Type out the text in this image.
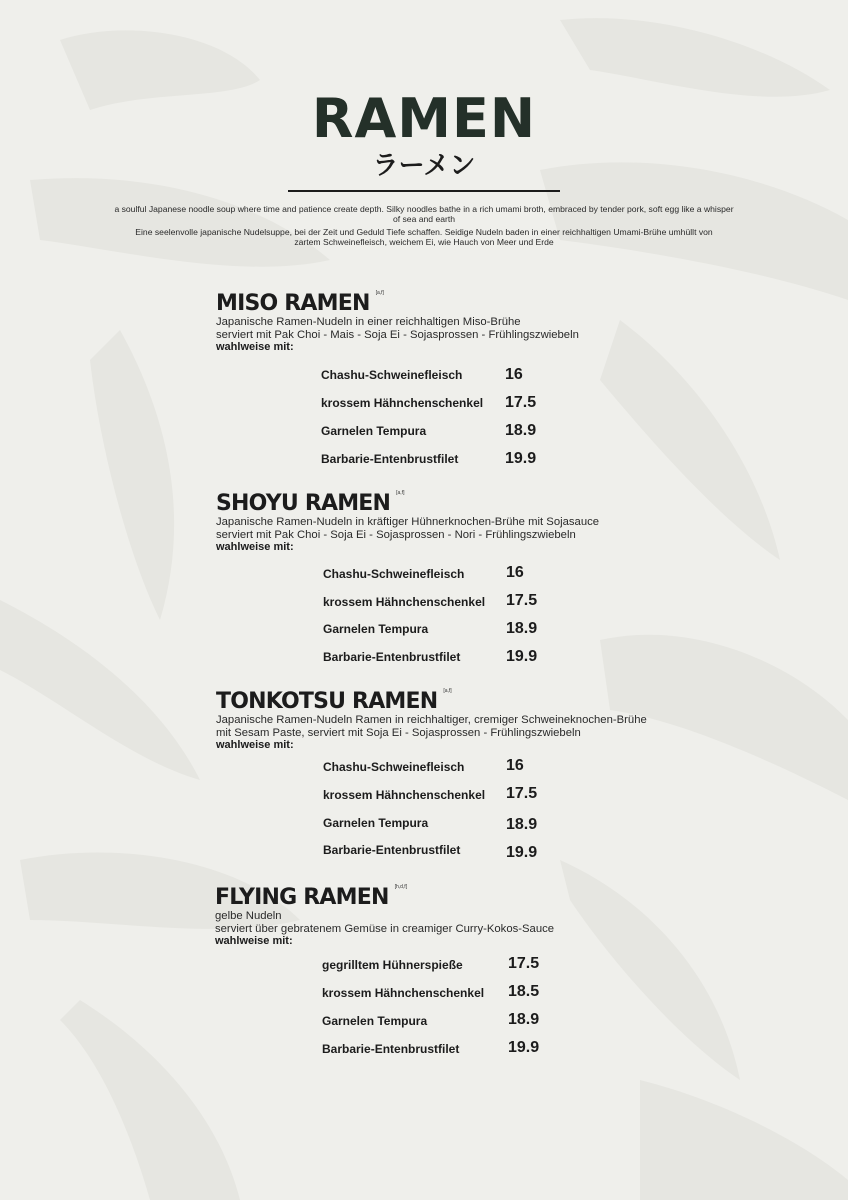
RAMEN
ラーメン

a soulful Japanese noodle soup where time and patience create depth. Silky noodles bathe in a rich umami broth, embraced by tender pork, soft egg like a whisper of sea and earth

Eine seelenvolle japanische Nudelsuppe, bei der Zeit und Geduld Tiefe schaffen. Seidige Nudeln baden in einer reichhaltigen Umami-Brühe umhüllt von zartem Schweinefleisch, weichem Ei, wie Hauch von Meer und Erde

MISO RAMEN [a,f]
Japanische Ramen-Nudeln in einer reichhaltigen Miso-Brühe
serviert mit Pak Choi - Mais - Soja Ei - Sojasprossen - Frühlingszwiebeln
wahlweise mit:
Chashu-Schweinefleisch	16
krossem Hähnchenschenkel 17.5
Garnelen Tempura	18.9
Barbarie-Entenbrustfilet	19.9
SHOYU RAMEN [a,f]
Japanische Ramen-Nudeln in kräftiger Hühnerknochen-Brühe mit Sojasauce
serviert mit Pak Choi - Soja Ei - Sojasprossen - Nori - Frühlingszwiebeln
wahlweise mit:
Chashu-Schweinefleisch	16
krossem Hähnchenschenkel 17.5
Garnelen Tempura	18.9
Barbarie-Entenbrustfilet	19.9
TONKOTSU RAMEN [a,f]
Japanische Ramen-Nudeln Ramen in reichhaltiger, cremiger Schweineknochen-Brühe
mit Sesam Paste, serviert mit Soja Ei - Sojasprossen - Frühlingszwiebeln
wahlweise mit:
Chashu-Schweinefleisch	16
krossem Hähnchenschenkel 17.5
Garnelen Tempura	18.9
Barbarie-Entenbrustfilet	19.9
FLYING RAMEN [h,d,f]
gelbe Nudeln
serviert über gebratenem Gemüse in creamiger Curry-Kokos-Sauce
wahlweise mit:
gegrilltem Hühnerspieße	17.5
krossem Hähnchenschenkel 18.5
Garnelen Tempura	18.9
Barbarie-Entenbrustfilet	19.9
